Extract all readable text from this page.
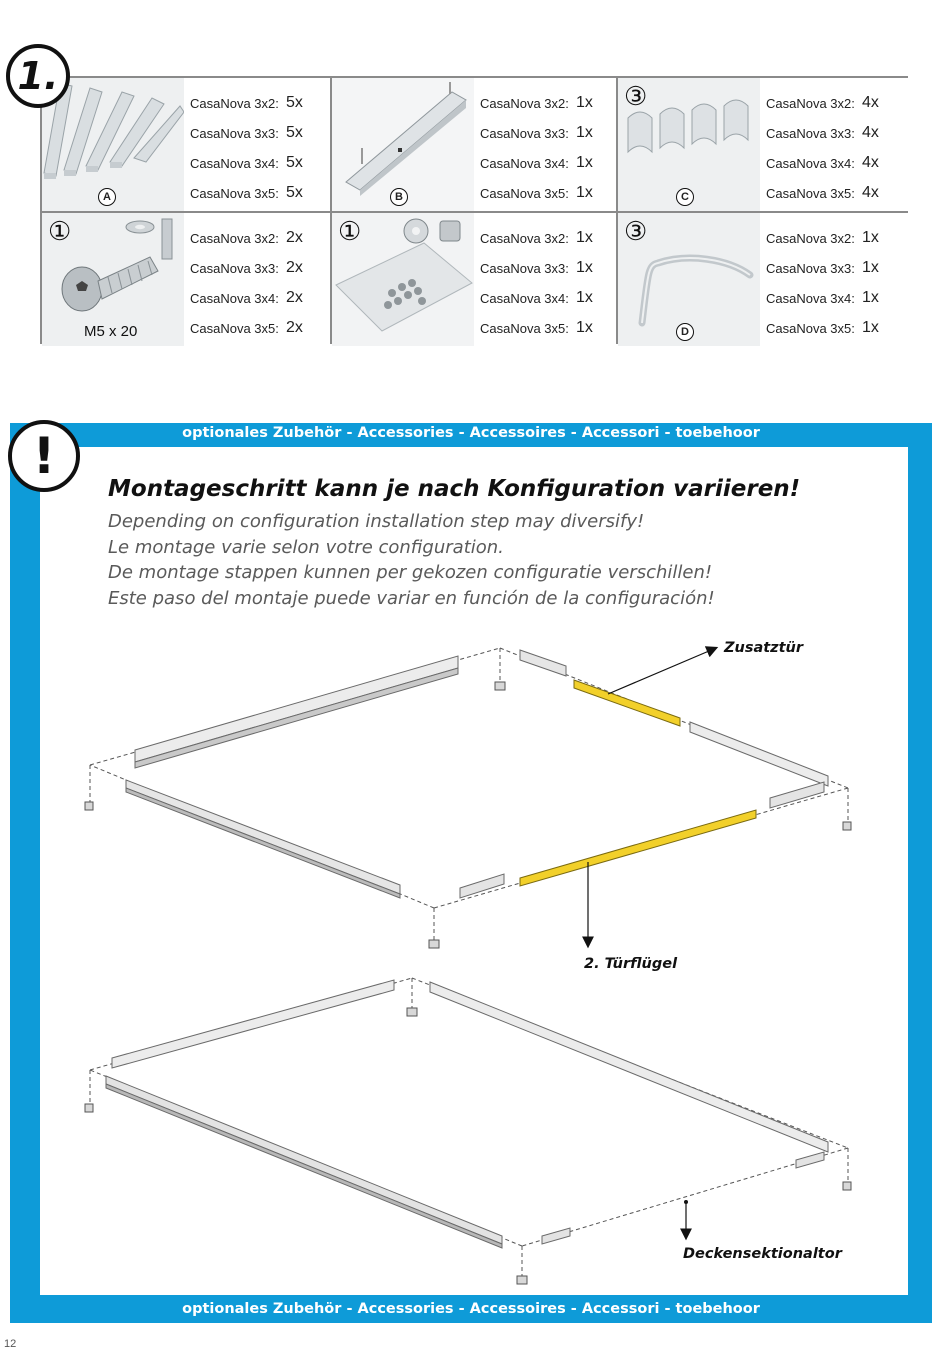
1.
A
CasaNova 3x2: 5x
CasaNova 3x3: 5x
CasaNova 3x4: 5x
CasaNova 3x5: 5x	B
CasaNova 3x2: 1x
CasaNova 3x3: 1x
CasaNova 3x4: 1x
CasaNova 3x5: 1x
③
C
CasaNova 3x2: 4x
CasaNova 3x3: 4x
CasaNova 3x4: 4x
CasaNova 3x5: 4x
①
M5 x 20
CasaNova 3x2: 2x
CasaNova 3x3: 2x
CasaNova 3x4: 2x
CasaNova 3x5: 2x
①	CasaNova 3x2: 1x
CasaNova 3x3: 1x
CasaNova 3x4: 1x
CasaNova 3x5: 1x
③
D
CasaNova 3x2: 1x
CasaNova 3x3: 1x
CasaNova 3x4: 1x
CasaNova 3x5: 1x
optionales Zubehör - Accessories - Accessoires - Accessori - toebehoor
optionales Zubehör - Accessories - Accessoires - Accessori - toebehoor
!
Montageschritt kann je nach Konfiguration variieren!
Depending on configuration installation step may diversify!
Le montage varie selon votre configuration.
De montage stappen kunnen per gekozen configuratie verschillen!
Este paso del montaje puede variar en función de la configuración!
Zusatztür
2. Türflügel
Deckensektionaltor
12
